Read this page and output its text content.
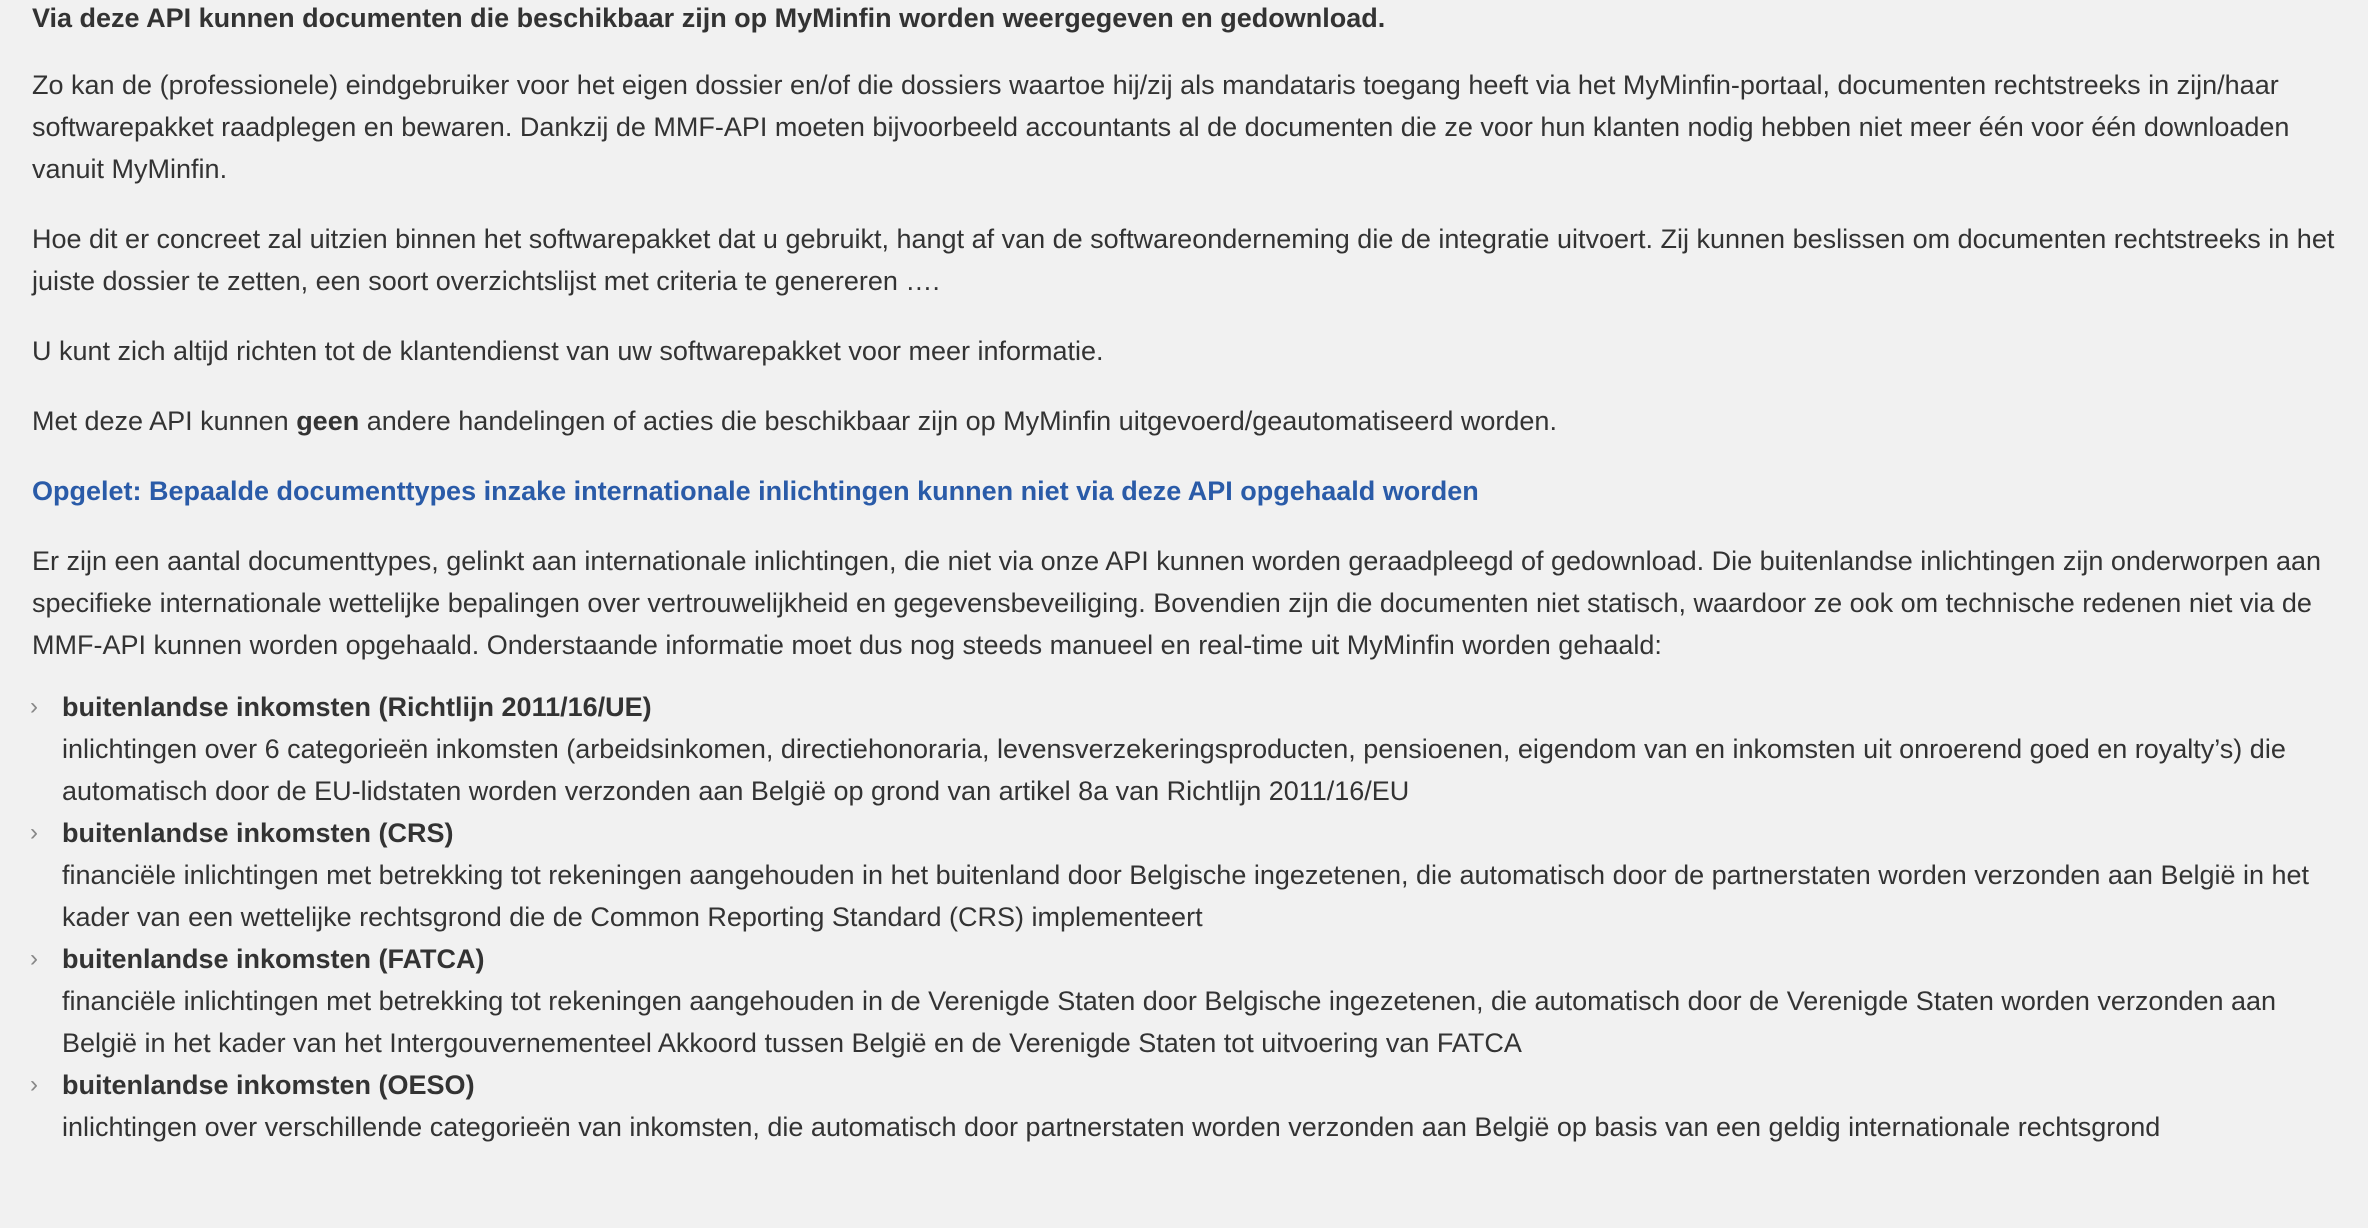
Via deze API kunnen documenten die beschikbaar zijn op MyMinfin worden weergegeven en gedownload.

Zo kan de (professionele) eindgebruiker voor het eigen dossier en/of die dossiers waartoe hij/zij als mandataris toegang heeft via het MyMinfin-portaal, documenten rechtstreeks in zijn/haar softwarepakket raadplegen en bewaren. Dankzij de MMF-API moeten bijvoorbeeld accountants al de documenten die ze voor hun klanten nodig hebben niet meer één voor één downloaden vanuit MyMinfin.

Hoe dit er concreet zal uitzien binnen het softwarepakket dat u gebruikt, hangt af van de softwareonderneming die de integratie uitvoert. Zij kunnen beslissen om documenten rechtstreeks in het juiste dossier te zetten, een soort overzichtslijst met criteria te genereren ….

U kunt zich altijd richten tot de klantendienst van uw softwarepakket voor meer informatie.

Met deze API kunnen geen andere handelingen of acties die beschikbaar zijn op MyMinfin uitgevoerd/geautomatiseerd worden.

Opgelet: Bepaalde documenttypes inzake internationale inlichtingen kunnen niet via deze API opgehaald worden

Er zijn een aantal documenttypes, gelinkt aan internationale inlichtingen, die niet via onze API kunnen worden geraadpleegd of gedownload. Die buitenlandse inlichtingen zijn onderworpen aan specifieke internationale wettelijke bepalingen over vertrouwelijkheid en gegevensbeveiliging. Bovendien zijn die documenten niet statisch, waardoor ze ook om technische redenen niet via de MMF-API kunnen worden opgehaald. Onderstaande informatie moet dus nog steeds manueel en real-time uit MyMinfin worden gehaald:

› buitenlandse inkomsten (Richtlijn 2011/16/UE)
inlichtingen over 6 categorieën inkomsten (arbeidsinkomen, directiehonoraria, levensverzekeringsproducten, pensioenen, eigendom van en inkomsten uit onroerend goed en royalty’s) die automatisch door de EU-lidstaten worden verzonden aan België op grond van artikel 8a van Richtlijn 2011/16/EU
› buitenlandse inkomsten (CRS)
financiële inlichtingen met betrekking tot rekeningen aangehouden in het buitenland door Belgische ingezetenen, die automatisch door de partnerstaten worden verzonden aan België in het kader van een wettelijke rechtsgrond die de Common Reporting Standard (CRS) implementeert
› buitenlandse inkomsten (FATCA)
financiële inlichtingen met betrekking tot rekeningen aangehouden in de Verenigde Staten door Belgische ingezetenen, die automatisch door de Verenigde Staten worden verzonden aan België in het kader van het Intergouvernementeel Akkoord tussen België en de Verenigde Staten tot uitvoering van FATCA
› buitenlandse inkomsten (OESO)
inlichtingen over verschillende categorieën van inkomsten, die automatisch door partnerstaten worden verzonden aan België op basis van een geldig internationale rechtsgrond
